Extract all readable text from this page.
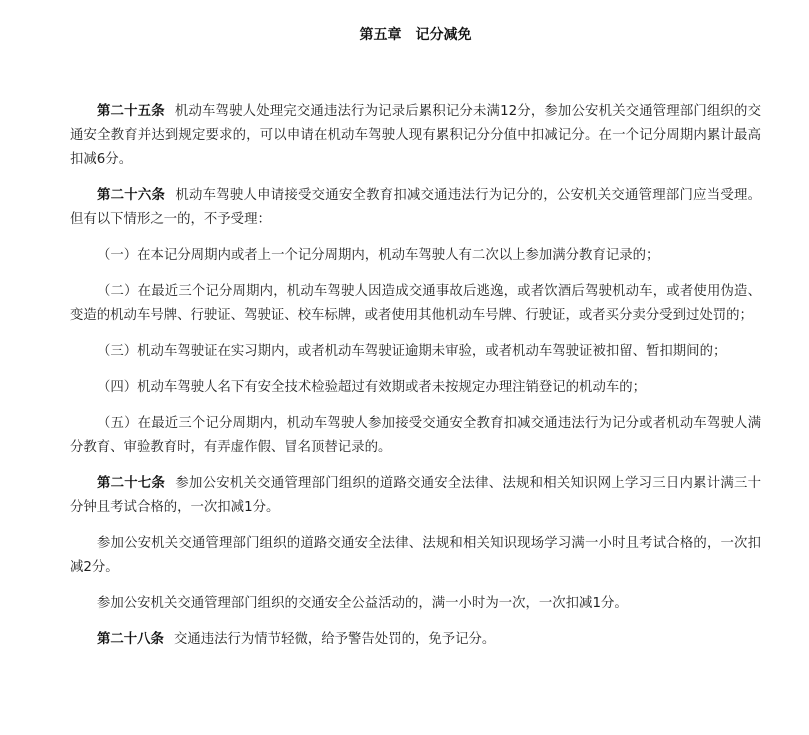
第五章　记分减免

第二十五条 机动车驾驶人处理完交通违法行为记录后累积记分未满12分，参加公安机关交通管理部门组织的交通安全教育并达到规定要求的，可以申请在机动车驾驶人现有累积记分分值中扣减记分。在一个记分周期内累计最高扣减6分。

第二十六条 机动车驾驶人申请接受交通安全教育扣减交通违法行为记分的，公安机关交通管理部门应当受理。但有以下情形之一的，不予受理：

（一）在本记分周期内或者上一个记分周期内，机动车驾驶人有二次以上参加满分教育记录的；

（二）在最近三个记分周期内，机动车驾驶人因造成交通事故后逃逸，或者饮酒后驾驶机动车，或者使用伪造、变造的机动车号牌、行驶证、驾驶证、校车标牌，或者使用其他机动车号牌、行驶证，或者买分卖分受到过处罚的；

（三）机动车驾驶证在实习期内，或者机动车驾驶证逾期未审验，或者机动车驾驶证被扣留、暂扣期间的；

（四）机动车驾驶人名下有安全技术检验超过有效期或者未按规定办理注销登记的机动车的；

（五）在最近三个记分周期内，机动车驾驶人参加接受交通安全教育扣减交通违法行为记分或者机动车驾驶人满分教育、审验教育时，有弄虚作假、冒名顶替记录的。

第二十七条 参加公安机关交通管理部门组织的道路交通安全法律、法规和相关知识网上学习三日内累计满三十分钟且考试合格的，一次扣减1分。

参加公安机关交通管理部门组织的道路交通安全法律、法规和相关知识现场学习满一小时且考试合格的，一次扣减2分。

参加公安机关交通管理部门组织的交通安全公益活动的，满一小时为一次，一次扣减1分。

第二十八条 交通违法行为情节轻微，给予警告处罚的，免予记分。
